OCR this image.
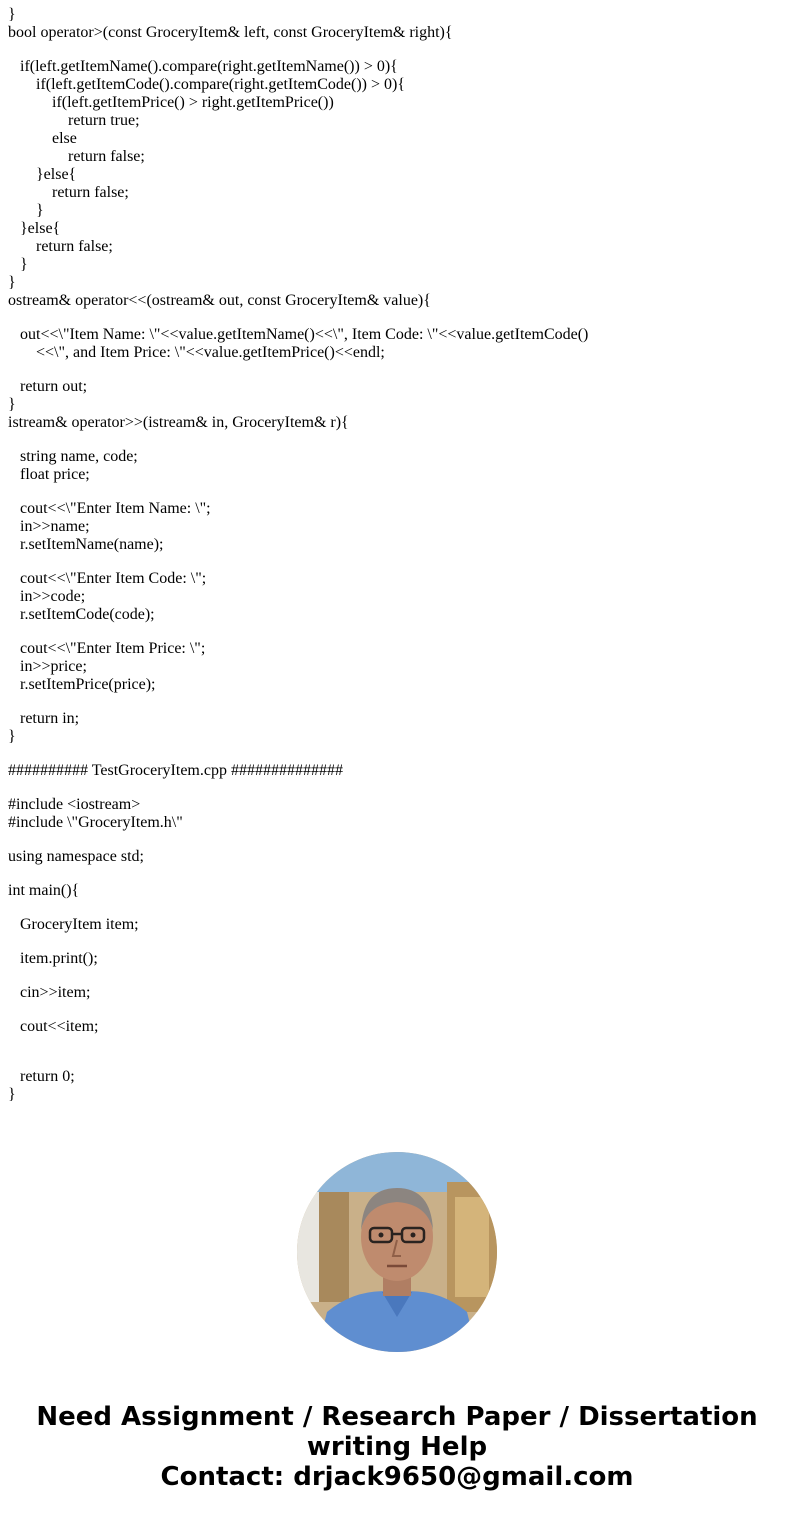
}
bool operator>(const GroceryItem& left, const GroceryItem& right){
if(left.getItemName().compare(right.getItemName()) > 0){
if(left.getItemCode().compare(right.getItemCode()) > 0){
if(left.getItemPrice() > right.getItemPrice())
return true;
else
return false;
}else{
return false;
}
}else{
return false;
}
}
ostream& operator<<(ostream& out, const GroceryItem& value){
out<<\"Item Name: \"<<value.getItemName()<<\", Item Code: \"<<value.getItemCode()
<<\", and Item Price: \"<<value.getItemPrice()<<endl;
return out;
}
istream& operator>>(istream& in, GroceryItem& r){
string name, code;
float price;
cout<<\"Enter Item Name: \";
in>>name;
r.setItemName(name);
cout<<\"Enter Item Code: \";
in>>code;
r.setItemCode(code);
cout<<\"Enter Item Price: \";
in>>price;
r.setItemPrice(price);
return in;
}
########## TestGroceryItem.cpp ##############
#include <iostream>
#include \"GroceryItem.h\"
using namespace std;
int main(){
GroceryItem item;
item.print();
cin>>item;
cout<<item;
return 0;
}
Need Assignment / Research Paper / Dissertation
writing Help
Contact: drjack9650@gmail.com
